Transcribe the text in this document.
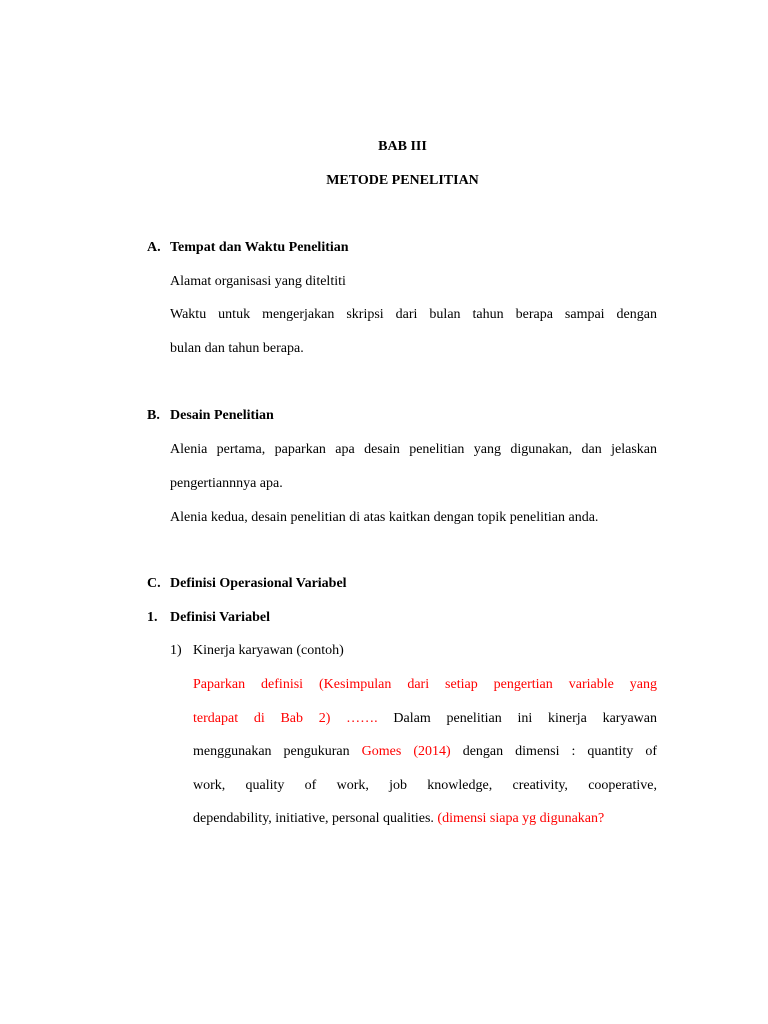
BAB III
METODE PENELITIAN
A. Tempat dan Waktu Penelitian
Alamat organisasi yang diteltiti
Waktu untuk mengerjakan skripsi dari bulan tahun berapa sampai dengan
bulan dan tahun berapa.
B. Desain Penelitian
Alenia pertama, paparkan apa desain penelitian yang digunakan, dan jelaskan
pengertiannnya apa.
Alenia kedua, desain penelitian di atas kaitkan dengan topik penelitian anda.
C. Definisi Operasional Variabel
1. Definisi Variabel
1) Kinerja karyawan (contoh)
Paparkan definisi (Kesimpulan dari setiap pengertian variable yang
terdapat di Bab 2) ……. Dalam penelitian ini kinerja karyawan
menggunakan pengukuran Gomes (2014) dengan dimensi : quantity of
work, quality of work, job knowledge, creativity, cooperative,
dependability, initiative, personal qualities. (dimensi siapa yg digunakan?
